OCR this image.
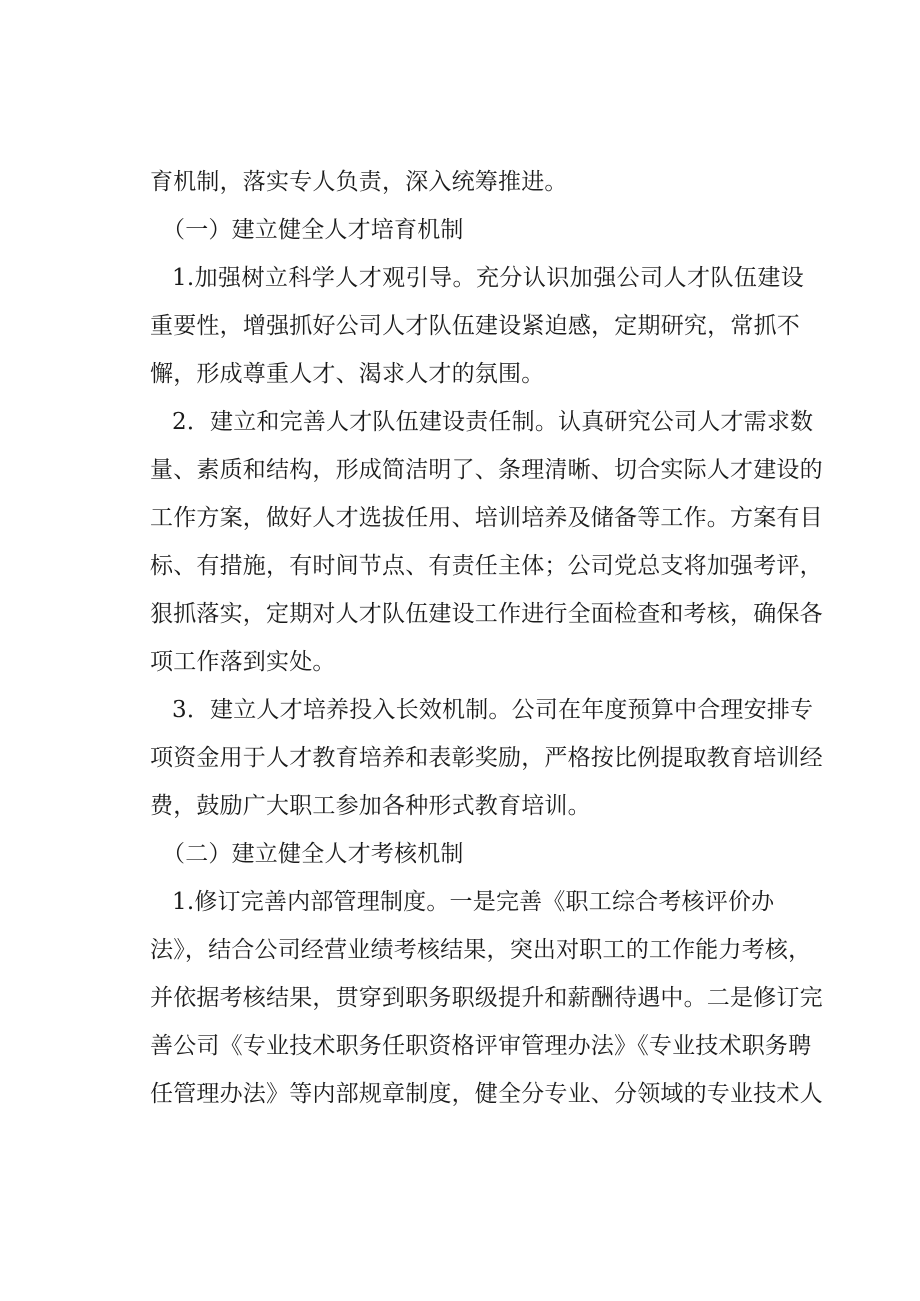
育机制，落实专人负责，深入统筹推进。
（一）建立健全人才培育机制
1.加强树立科学人才观引导。充分认识加强公司人才队伍建设
重要性，增强抓好公司人才队伍建设紧迫感，定期研究，常抓不
懈，形成尊重人才、渴求人才的氛围。
2．建立和完善人才队伍建设责任制。认真研究公司人才需求数
量、素质和结构，形成简洁明了、条理清晰、切合实际人才建设的
工作方案，做好人才选拔任用、培训培养及储备等工作。方案有目
标、有措施，有时间节点、有责任主体；公司党总支将加强考评，
狠抓落实，定期对人才队伍建设工作进行全面检查和考核，确保各
项工作落到实处。
3．建立人才培养投入长效机制。公司在年度预算中合理安排专
项资金用于人才教育培养和表彰奖励，严格按比例提取教育培训经
费，鼓励广大职工参加各种形式教育培训。
（二）建立健全人才考核机制
1.修订完善内部管理制度。一是完善《职工综合考核评价办
法》，结合公司经营业绩考核结果，突出对职工的工作能力考核，
并依据考核结果，贯穿到职务职级提升和薪酬待遇中。二是修订完
善公司《专业技术职务任职资格评审管理办法》《专业技术职务聘
任管理办法》等内部规章制度，健全分专业、分领域的专业技术人
